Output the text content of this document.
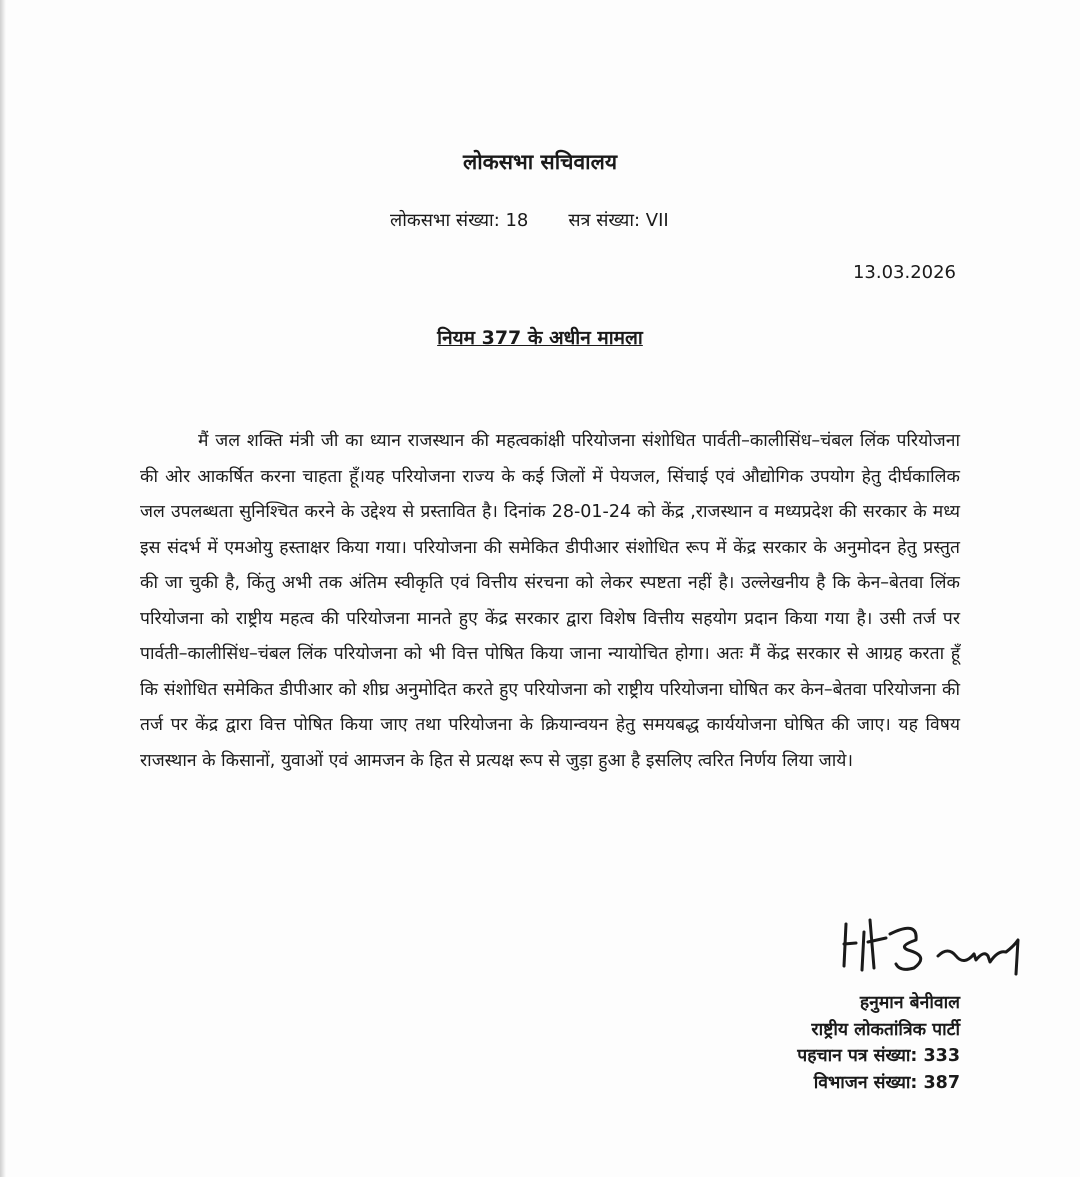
लोकसभा सचिवालय
लोकसभा संख्या: 18 सत्र संख्या: VII
13.03.2026
नियम 377 के अधीन मामला
मैं जल शक्ति मंत्री जी का ध्यान राजस्थान की महत्वकांक्षी परियोजना संशोधित पार्वती–कालीसिंध–चंबल लिंक परियोजना की ओर आकर्षित करना चाहता हूँ।यह परियोजना राज्य के कई जिलों में पेयजल, सिंचाई एवं औद्योगिक उपयोग हेतु दीर्घकालिक जल उपलब्धता सुनिश्चित करने के उद्देश्य से प्रस्तावित है। दिनांक 28-01-24 को केंद्र ,राजस्थान व मध्यप्रदेश की सरकार के मध्य इस संदर्भ में एमओयु हस्ताक्षर किया गया। परियोजना की समेकित डीपीआर संशोधित रूप में केंद्र सरकार के अनुमोदन हेतु प्रस्तुत की जा चुकी है, किंतु अभी तक अंतिम स्वीकृति एवं वित्तीय संरचना को लेकर स्पष्टता नहीं है। उल्लेखनीय है कि केन–बेतवा लिंक परियोजना को राष्ट्रीय महत्व की परियोजना मानते हुए केंद्र सरकार द्वारा विशेष वित्तीय सहयोग प्रदान किया गया है। उसी तर्ज पर पार्वती–कालीसिंध–चंबल लिंक परियोजना को भी वित्त पोषित किया जाना न्यायोचित होगा। अतः मैं केंद्र सरकार से आग्रह करता हूँ कि संशोधित समेकित डीपीआर को शीघ्र अनुमोदित करते हुए परियोजना को राष्ट्रीय परियोजना घोषित कर केन–बेतवा परियोजना की तर्ज पर केंद्र द्वारा वित्त पोषित किया जाए तथा परियोजना के क्रियान्वयन हेतु समयबद्ध कार्ययोजना घोषित की जाए। यह विषय राजस्थान के किसानों, युवाओं एवं आमजन के हित से प्रत्यक्ष रूप से जुड़ा हुआ है इसलिए त्वरित निर्णय लिया जाये।
हनुमान बेनीवाल
राष्ट्रीय लोकतांत्रिक पार्टी
पहचान पत्र संख्या: 333
विभाजन संख्या: 387
